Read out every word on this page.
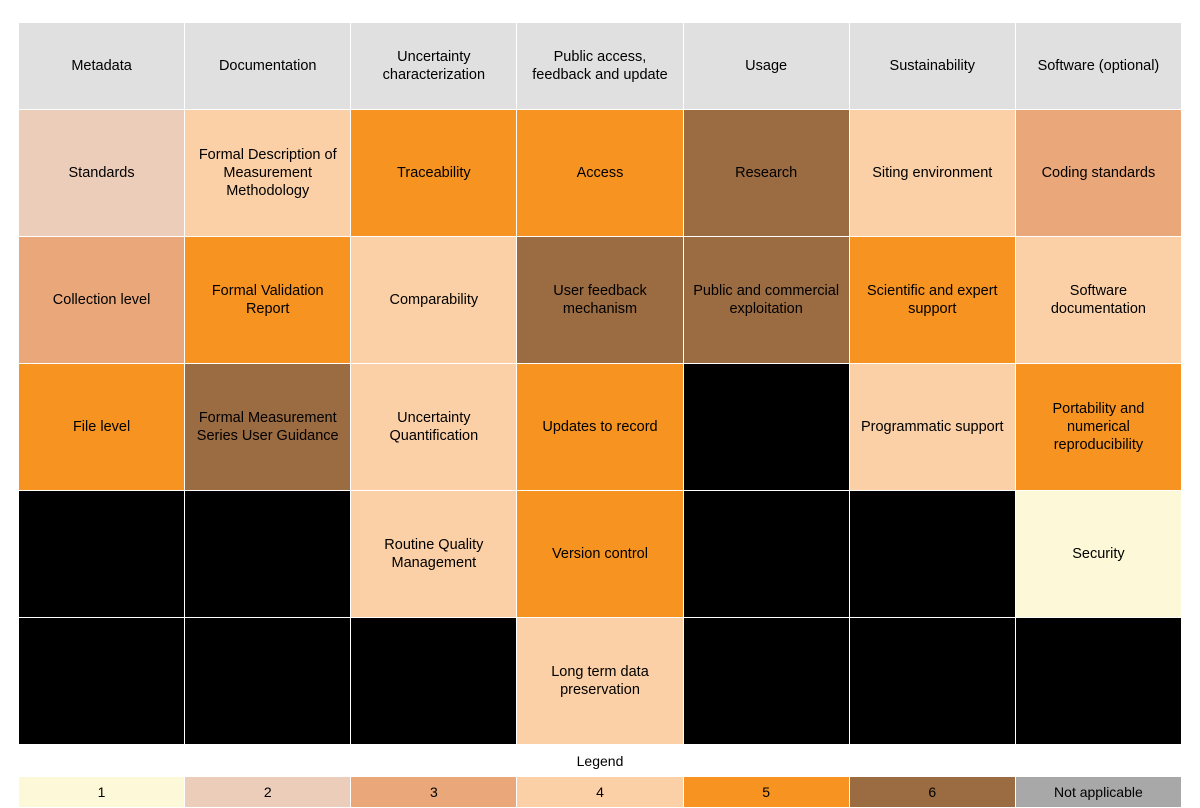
Metadata	Documentation	Uncertainty characterization	Public access, feedback and update	Usage	Sustainability	Software (optional)
Standards	Formal Description of Measurement Methodology	Traceability	Access	Research	Siting environment	Coding standards
Collection level	Formal Validation Report	Comparability	User feedback mechanism	Public and commercial exploitation	Scientific and expert support	Software documentation
File level	Formal Measurement Series User Guidance	Uncertainty Quantification	Updates to record		Programmatic support	Portability and numerical reproducibility
		Routine Quality Management	Version control			Security
			Long term data preservation			
Legend
1	2	3	4	5	6	Not applicable
